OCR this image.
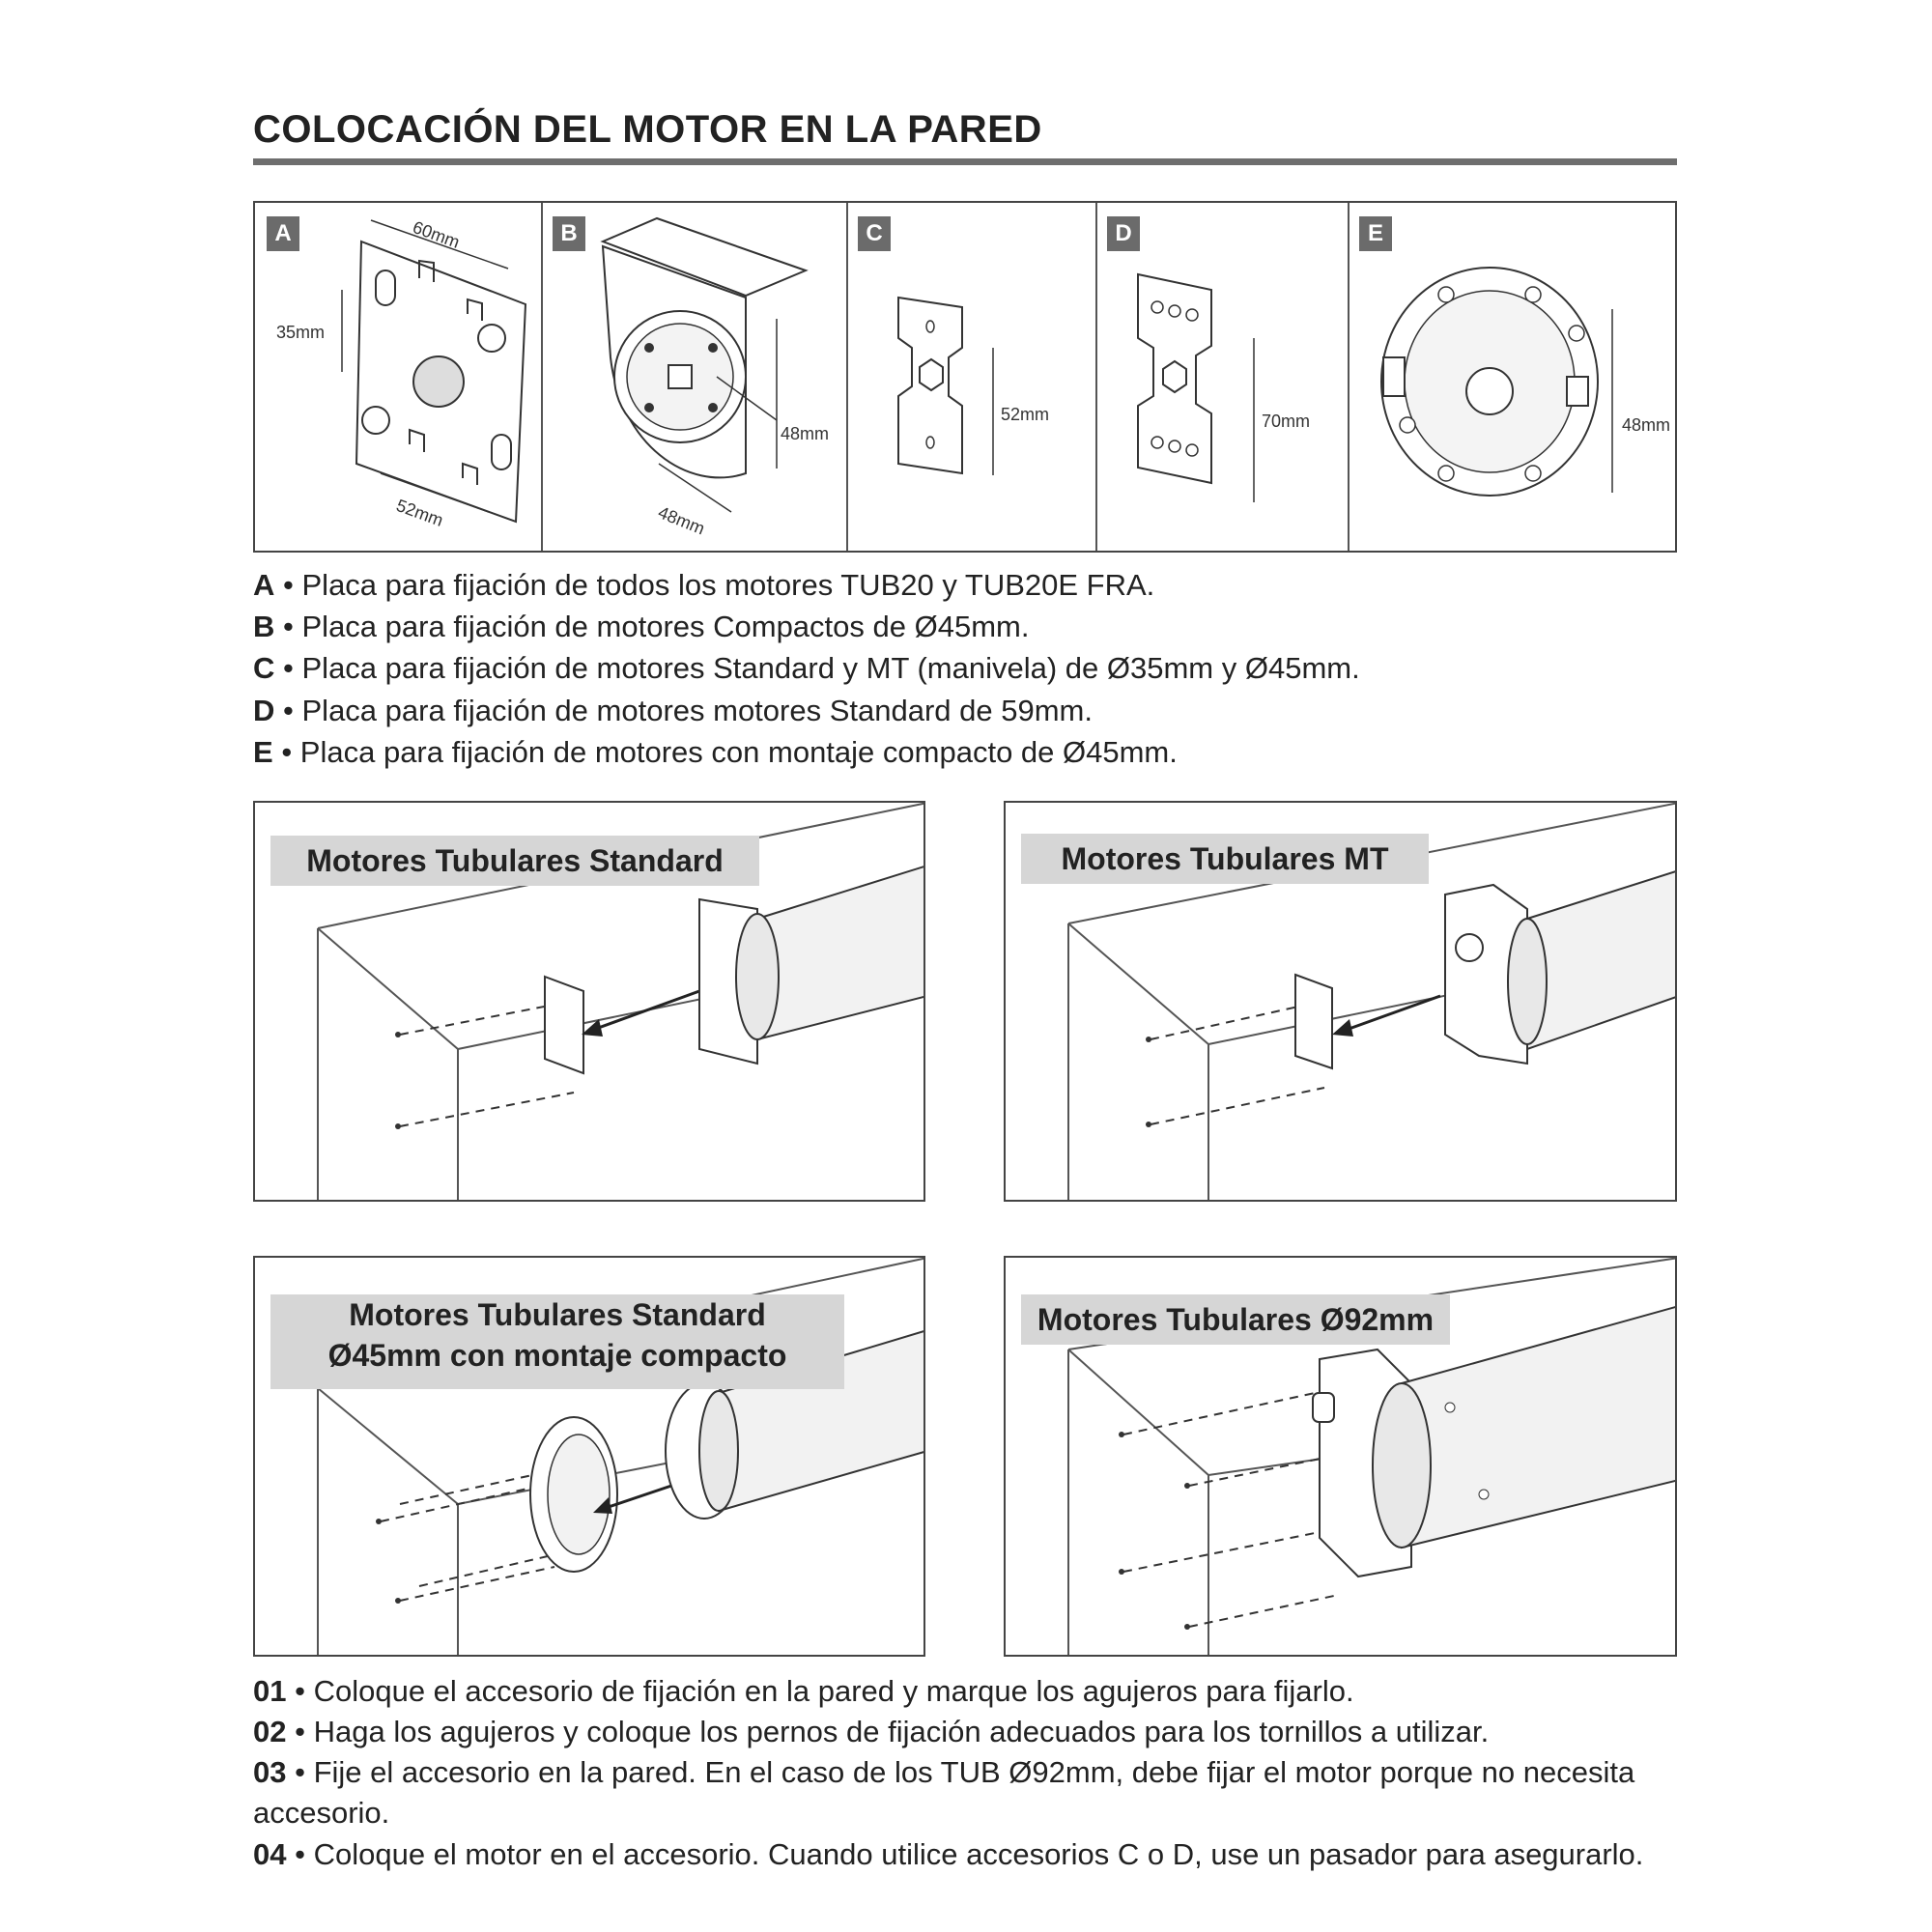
COLOCACIÓN DEL MOTOR EN LA PARED
A	60mm
35mm
52mm
B
48mm
48mm
C
52mm
D
70mm
E
48mm
A • Placa para fijación de todos los motores TUB20 y TUB20E FRA.
B • Placa para fijación de motores Compactos de Ø45mm.
C • Placa para fijación de motores Standard y MT (manivela) de Ø35mm y Ø45mm.
D • Placa para fijación de motores motores Standard de 59mm.
E • Placa para fijación de motores con montaje compacto de Ø45mm.
Motores Tubulares Standard	Motores Tubulares MT
Motores Tubulares Standard
Ø45mm con montaje compacto
Motores Tubulares Ø92mm
01 • Coloque el accesorio de fijación en la pared y marque los agujeros para fijarlo.
02 • Haga los agujeros y coloque los pernos de fijación adecuados para los tornillos a utilizar.
03 • Fije el accesorio en la pared. En el caso de los TUB Ø92mm, debe fijar el motor porque no necesita accesorio.
04 • Coloque el motor en el accesorio. Cuando utilice accesorios C o D, use un pasador para asegurarlo.
